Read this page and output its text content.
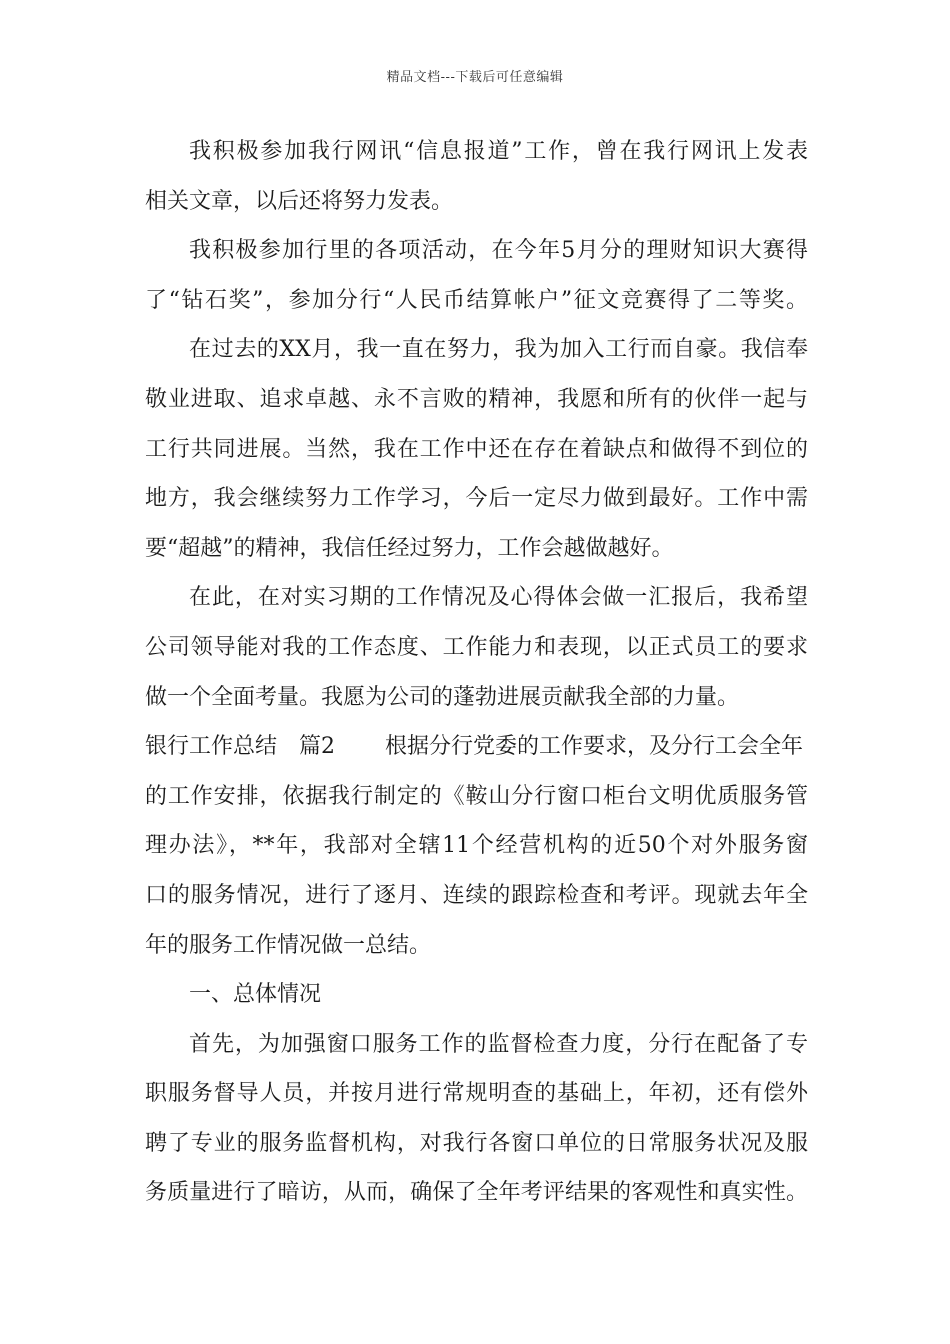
精品文档---下载后可任意编辑
我积极参加我行网讯“信息报道”工作，曾在我行网讯上发表
相关文章，以后还将努力发表。
我积极参加行里的各项活动，在今年5月分的理财知识大赛得
了“钻石奖”，参加分行“人民币结算帐户”征文竞赛得了二等奖。
在过去的XX月，我一直在努力，我为加入工行而自豪。我信奉
敬业进取、追求卓越、永不言败的精神，我愿和所有的伙伴一起与
工行共同进展。当然，我在工作中还在存在着缺点和做得不到位的
地方，我会继续努力工作学习，今后一定尽力做到最好。工作中需
要“超越”的精神，我信任经过努力，工作会越做越好。
在此，在对实习期的工作情况及心得体会做一汇报后，我希望
公司领导能对我的工作态度、工作能力和表现，以正式员工的要求
做一个全面考量。我愿为公司的蓬勃进展贡献我全部的力量。
银行工作总结 篇2 根据分行党委的工作要求，及分行工会全年
的工作安排，依据我行制定的《鞍山分行窗口柜台文明优质服务管
理办法》，**年，我部对全辖11个经营机构的近50个对外服务窗
口的服务情况，进行了逐月、连续的跟踪检查和考评。现就去年全
年的服务工作情况做一总结。
一、总体情况
首先，为加强窗口服务工作的监督检查力度，分行在配备了专
职服务督导人员，并按月进行常规明查的基础上，年初，还有偿外
聘了专业的服务监督机构，对我行各窗口单位的日常服务状况及服
务质量进行了暗访，从而，确保了全年考评结果的客观性和真实性。
